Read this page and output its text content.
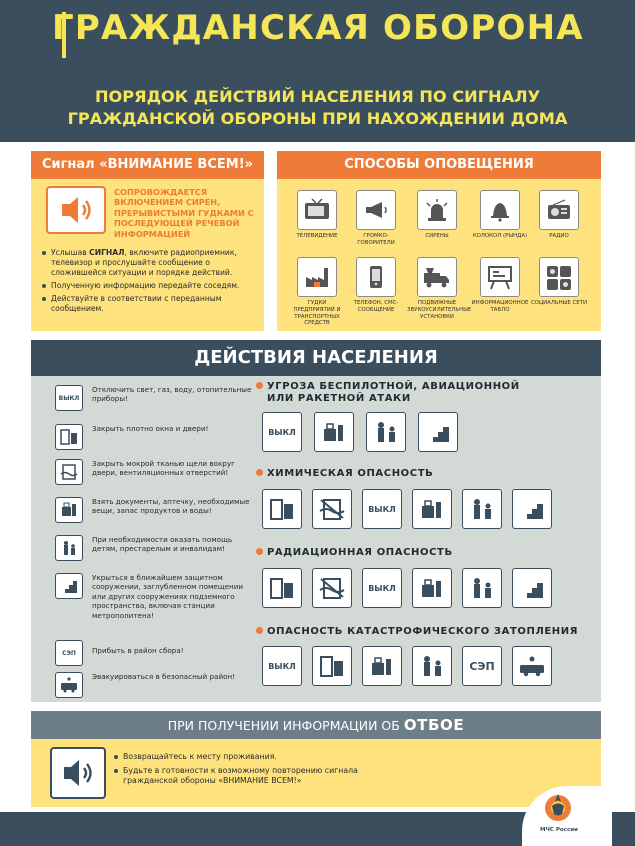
ГРАЖДАНСКАЯ ОБОРОНА
ПОРЯДОК ДЕЙСТВИЙ НАСЕЛЕНИЯ ПО СИГНАЛУ
ГРАЖДАНСКОЙ ОБОРОНЫ ПРИ НАХОЖДЕНИИ ДОМА
Сигнал «ВНИМАНИЕ ВСЕМ!»
СОПРОВОЖДАЕТСЯ ВКЛЮЧЕНИЕМ СИРЕН, ПРЕРЫВИСТЫМИ ГУДКАМИ С ПОСЛЕДУЮЩЕЙ РЕЧЕВОЙ ИНФОРМАЦИЕЙ
Услышав СИГНАЛ, включите радиоприемник, телевизор и прослушайте сообщение о сложившейся ситуации и порядке действий.
Полученную информацию передайте соседям.
Действуйте в соответствии с переданным сообщением.
СПОСОБЫ ОПОВЕЩЕНИЯ
ТЕЛЕВИДЕНИЕ	ГРОМКО-ГОВОРИТЕЛИ
СИРЕНЫ	КОЛОКОЛ (РЫНДА)	РАДИО
ГУДКИ ПРЕДПРИЯТИЙ И ТРАНСПОРТНЫХ СРЕДСТВ
ТЕЛЕФОН, СМС-СООБЩЕНИЕ
ПОДВИЖНЫЕ ЗВУКОУСИЛИТЕЛЬНЫЕ УСТАНОВКИ
ИНФОРМАЦИОННОЕ ТАБЛО
СОЦИАЛЬНЫЕ СЕТИ
ДЕЙСТВИЯ НАСЕЛЕНИЯ
ВЫКЛ
Отключить свет, газ, воду, отопительные приборы!
Закрыть плотно окна и двери!
Закрыть мокрой тканью щели вокруг двери, вентиляционных отверстий!
Взять документы, аптечку, необходимые вещи, запас продуктов и воды!
При необходимости оказать помощь детям, престарелым и инвалидам!
Укрыться в ближайшем защитном сооружении, заглубленном помещении или других сооружениях подземного пространства, включая станции метрополитена!
СЭП	Прибыть в район сбора!
Эвакуироваться в безопасный район!
УГРОЗА БЕСПИЛОТНОЙ, АВИАЦИОННОЙ
ИЛИ РАКЕТНОЙ АТАКИ
ВЫКЛ
ХИМИЧЕСКАЯ ОПАСНОСТЬ
ВЫКЛ
РАДИАЦИОННАЯ ОПАСНОСТЬ
ВЫКЛ
ОПАСНОСТЬ КАТАСТРОФИЧЕСКОГО ЗАТОПЛЕНИЯ
ВЫКЛ	СЭП
ПРИ ПОЛУЧЕНИИ ИНФОРМАЦИИ ОБ ОТБОЕ
Возвращайтесь к месту проживания.
Будьте в готовности к возможному повторению сигнала гражданской обороны «ВНИМАНИЕ ВСЕМ!»
МЧС России
